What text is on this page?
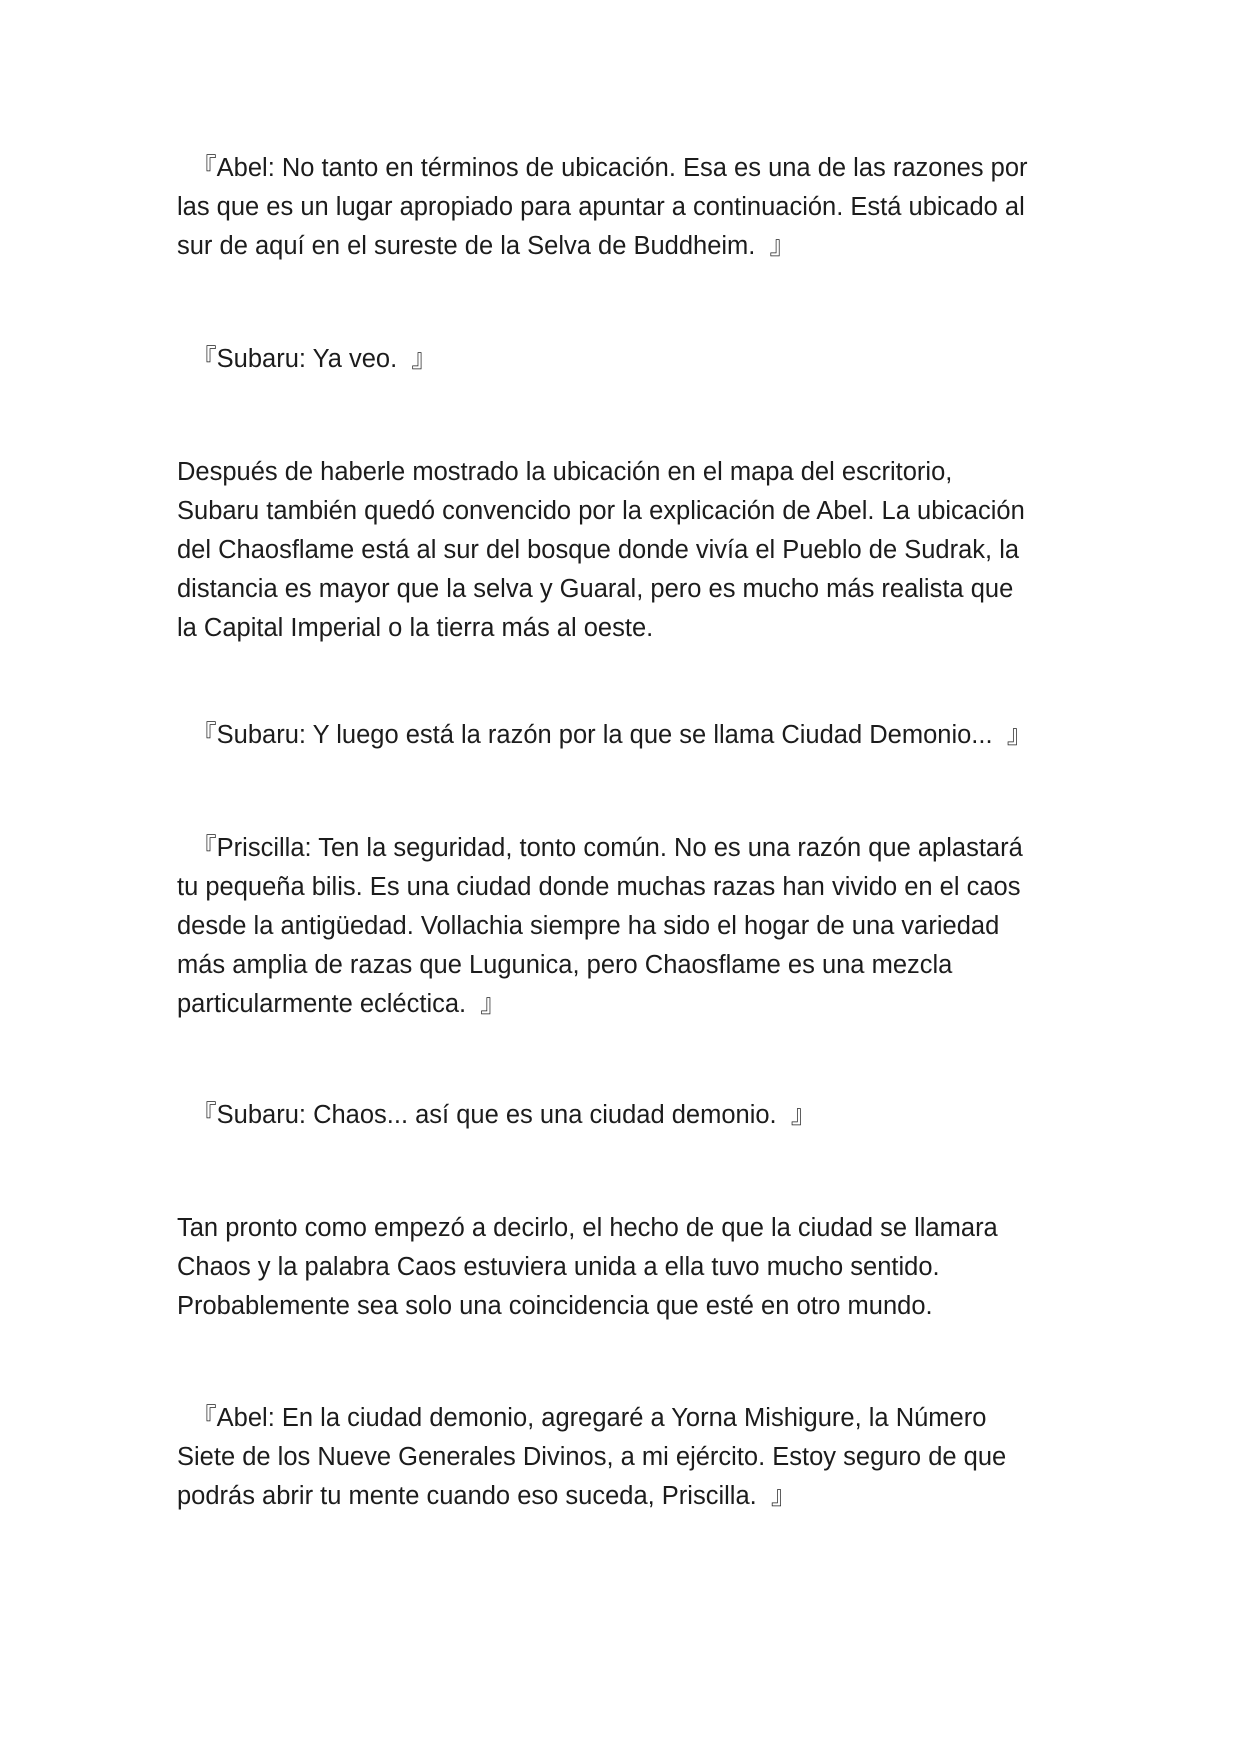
『Abel: No tanto en términos de ubicación. Esa es una de las razones por
las que es un lugar apropiado para apuntar a continuación. Está ubicado al
sur de aquí en el sureste de la Selva de Buddheim.  』

『Subaru: Ya veo.  』

Después de haberle mostrado la ubicación en el mapa del escritorio,
Subaru también quedó convencido por la explicación de Abel. La ubicación
del Chaosflame está al sur del bosque donde vivía el Pueblo de Sudrak, la
distancia es mayor que la selva y Guaral, pero es mucho más realista que
la Capital Imperial o la tierra más al oeste.

『Subaru: Y luego está la razón por la que se llama Ciudad Demonio...  』

『Priscilla: Ten la seguridad, tonto común. No es una razón que aplastará
tu pequeña bilis. Es una ciudad donde muchas razas han vivido en el caos
desde la antigüedad. Vollachia siempre ha sido el hogar de una variedad
más amplia de razas que Lugunica, pero Chaosflame es una mezcla
particularmente ecléctica.  』

『Subaru: Chaos... así que es una ciudad demonio.  』

Tan pronto como empezó a decirlo, el hecho de que la ciudad se llamara
Chaos y la palabra Caos estuviera unida a ella tuvo mucho sentido.
Probablemente sea solo una coincidencia que esté en otro mundo.

『Abel: En la ciudad demonio, agregaré a Yorna Mishigure, la Número
Siete de los Nueve Generales Divinos, a mi ejército. Estoy seguro de que
podrás abrir tu mente cuando eso suceda, Priscilla.  』
